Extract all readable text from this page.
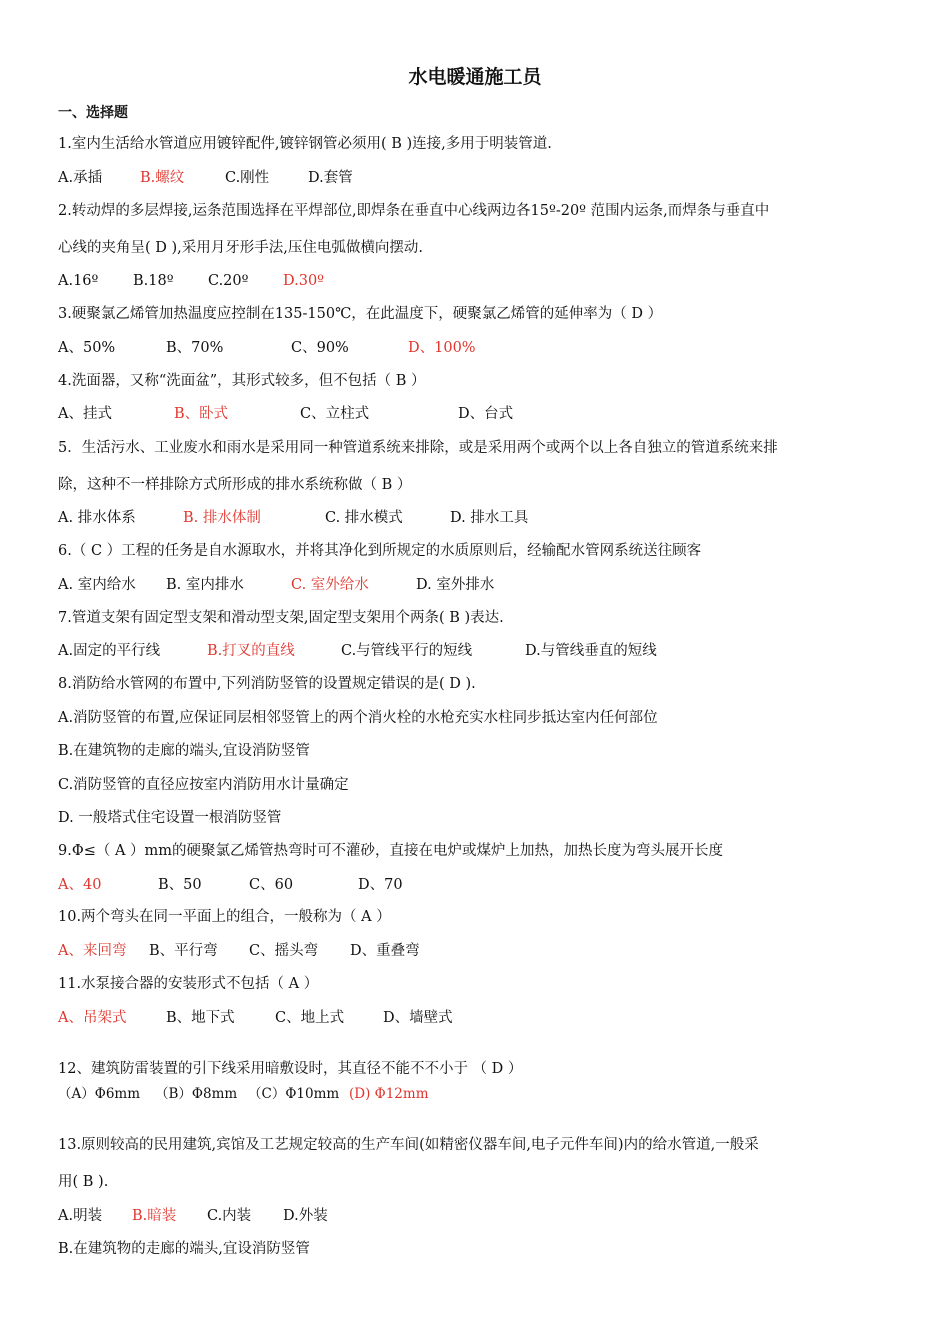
水电暖通施工员
一、选择题
1.室内生活给水管道应用镀锌配件,镀锌钢管必须用( B )连接,多用于明装管道.
A.承插	B.螺纹	C.刚性	D.套管
2.转动焊的多层焊接,运条范围选择在平焊部位,即焊条在垂直中心线两边各15º-20º 范围内运条,而焊条与垂直中
心线的夹角呈( D ),采用月牙形手法,压住电弧做横向摆动.
A.16º B.18º C.20º D.30º
3.硬聚氯乙烯管加热温度应控制在135-150℃，在此温度下，硬聚氯乙烯管的延伸率为（ D ）
A、50%	B、70%	C、90%	D、100%
4.洗面器，又称“洗面盆”，其形式较多，但不包括（ B ）
A、挂式	B、卧式	C、立柱式	D、台式
5．生活污水、工业废水和雨水是采用同一种管道系统来排除，或是采用两个或两个以上各自独立的管道系统来排
除，这种不一样排除方式所形成的排水系统称做（ B ）
A. 排水体系	B. 排水体制	C. 排水模式	D. 排水工具
6.（ C ）工程的任务是自水源取水，并将其净化到所规定的水质原则后，经输配水管网系统送往顾客
A. 室内给水 B. 室内排水	C. 室外给水	D. 室外排水
7.管道支架有固定型支架和滑动型支架,固定型支架用个两条( B )表达.
A.固定的平行线	B.打叉的直线	C.与管线平行的短线	D.与管线垂直的短线
8.消防给水管网的布置中,下列消防竖管的设置规定错误的是( D ).
A.消防竖管的布置,应保证同层相邻竖管上的两个消火栓的水枪充实水柱同步抵达室内任何部位
B.在建筑物的走廊的端头,宜设消防竖管
C.消防竖管的直径应按室内消防用水计量确定
D. 一般塔式住宅设置一根消防竖管
9.Φ≤（ A ）mm的硬聚氯乙烯管热弯时可不灌砂，直接在电炉或煤炉上加热，加热长度为弯头展开长度
A、40	B、50	C、60	D、70
10.两个弯头在同一平面上的组合，一般称为（ A ）
A、来回弯 B、平行弯 C、摇头弯 D、重叠弯
11.水泵接合器的安装形式不包括（ A ）
A、吊架式	B、地下式	C、地上式	D、墙壁式
12、建筑防雷装置的引下线采用暗敷设时，其直径不能不不小于 （ D ）
（A）Φ6mm （B）Φ8mm （C）Φ10mm (D) Φ12mm
13.原则较高的民用建筑,宾馆及工艺规定较高的生产车间(如精密仪器车间,电子元件车间)内的给水管道,一般采
用( B ).
A.明装 B.暗装 C.内装 D.外装
B.在建筑物的走廊的端头,宜设消防竖管
